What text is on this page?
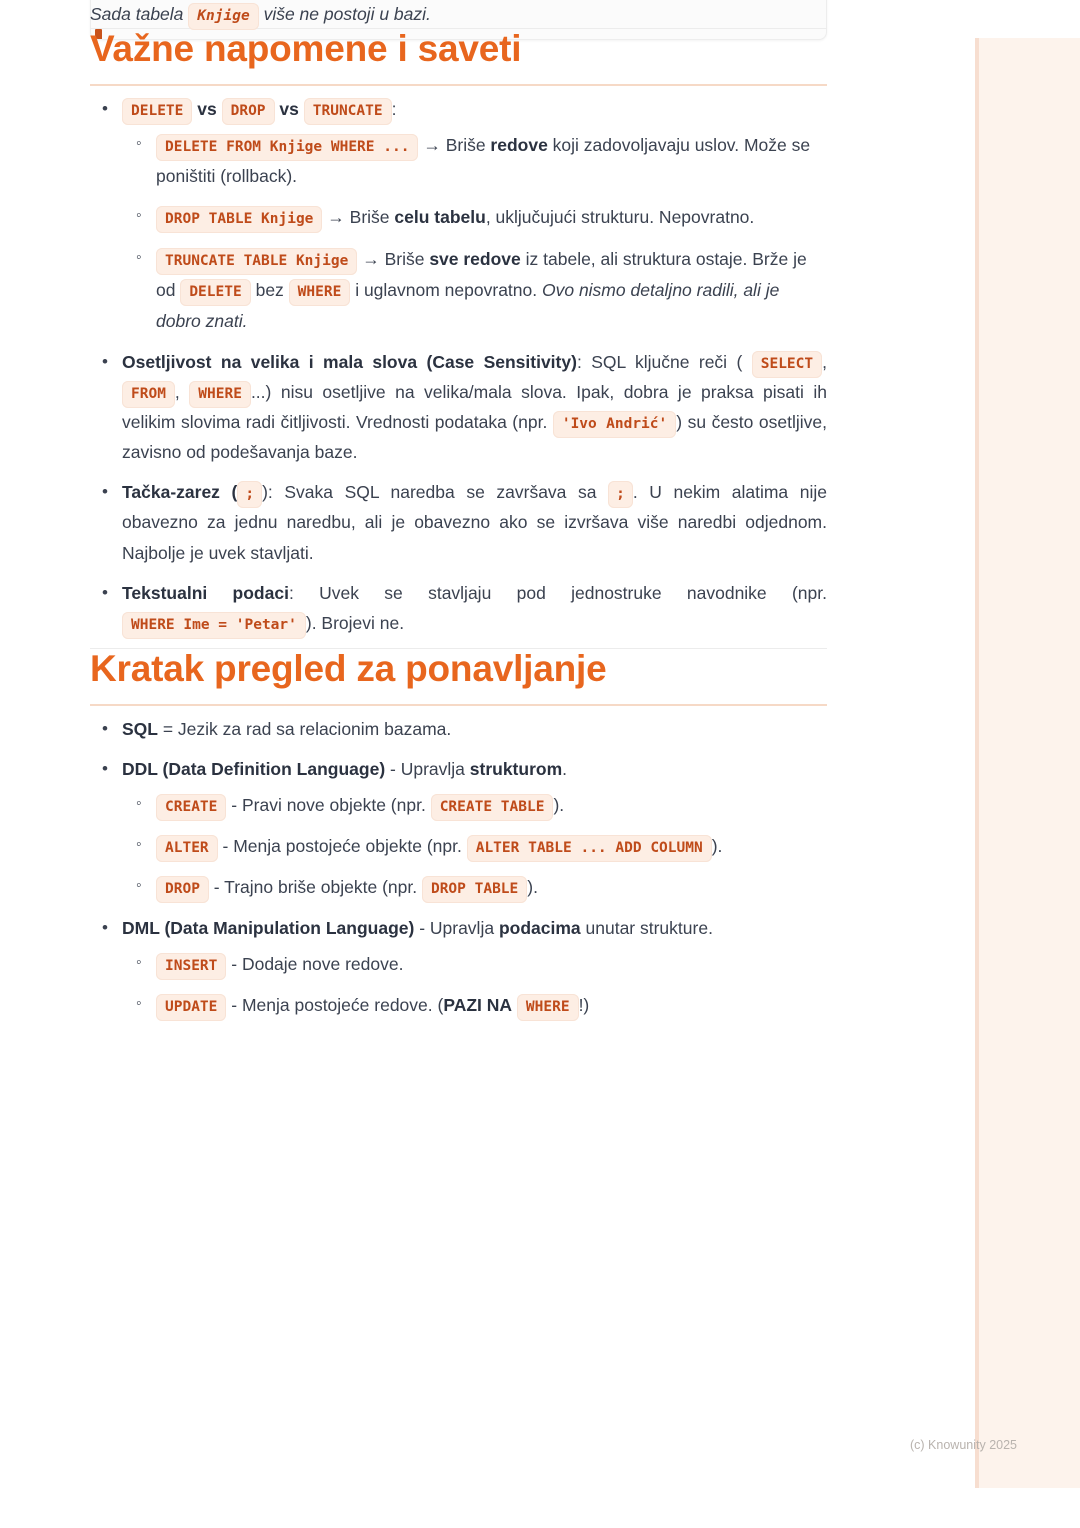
Sada tabela Knjige više ne postoji u bazi.

Važne napomene i saveti
• DELETE vs DROP vs TRUNCATE :
◦ DELETE FROM Knjige WHERE ... → Briše redove koji zadovoljavaju uslov. Može se poništiti (rollback).
◦ DROP TABLE Knjige → Briše celu tabelu, uključujući strukturu. Nepovratno.
◦ TRUNCATE TABLE Knjige → Briše sve redove iz tabele, ali struktura ostaje. Brže je od DELETE bez WHERE i uglavnom nepovratno. Ovo nismo detaljno radili, ali je dobro znati.
• Osetljivost na velika i mala slova (Case Sensitivity): SQL ključne reči ( SELECT , FROM , WHERE ...) nisu osetljive na velika/mala slova. Ipak, dobra je praksa pisati ih velikim slovima radi čitljivosti. Vrednosti podataka (npr. 'Ivo Andrić' ) su često osetljive, zavisno od podešavanja baze.
• Tačka-zarez ( ; ): Svaka SQL naredba se završava sa ; . U nekim alatima nije obavezno za jednu naredbu, ali je obavezno ako se izvršava više naredbi odjednom. Najbolje je uvek stavljati.
• Tekstualni podaci: Uvek se stavljaju pod jednostruke navodnike (npr. WHERE Ime = 'Petar' ). Brojevi ne.
Kratak pregled za ponavljanje
• SQL = Jezik za rad sa relacionim bazama.
• DDL (Data Definition Language) - Upravlja strukturom.
◦ CREATE - Pravi nove objekte (npr. CREATE TABLE ).
◦ ALTER - Menja postojeće objekte (npr. ALTER TABLE ... ADD COLUMN ).
◦ DROP - Trajno briše objekte (npr. DROP TABLE ).
• DML (Data Manipulation Language) - Upravlja podacima unutar strukture.
◦ INSERT - Dodaje nove redove.
◦ UPDATE - Menja postojeće redove. (PAZI NA WHERE !)
(c) Knowunity 2025
